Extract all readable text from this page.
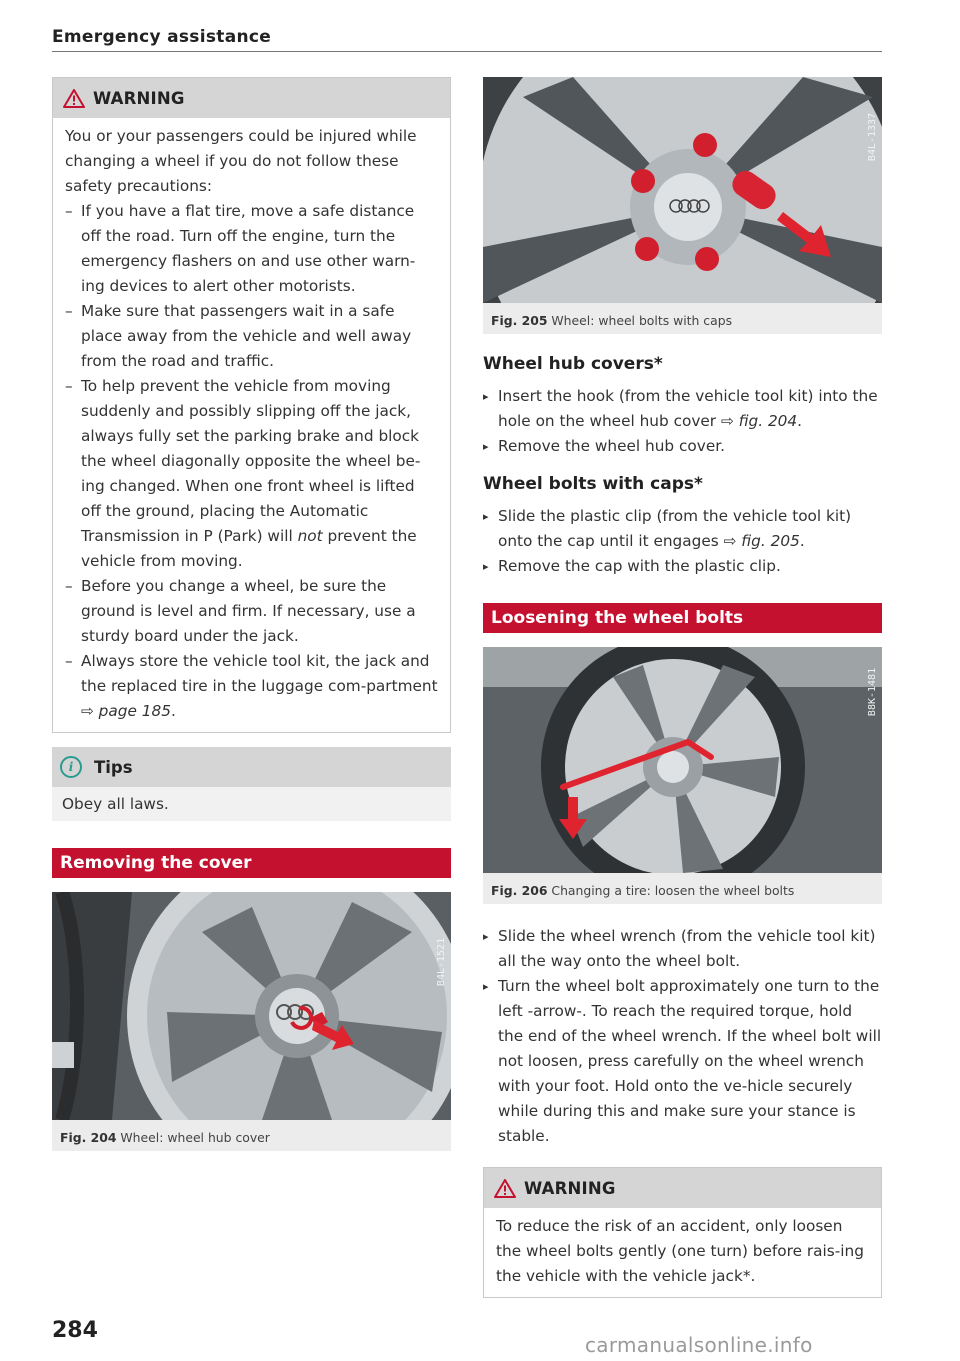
Emergency assistance
WARNING

You or your passengers could be injured while changing a wheel if you do not follow these safety precautions:

– If you have a flat tire, move a safe distance off the road. Turn off the engine, turn the emergency flashers on and use other warn-ing devices to alert other motorists.
– Make sure that passengers wait in a safe place away from the vehicle and well away from the road and traffic.
– To help prevent the vehicle from moving suddenly and possibly slipping off the jack, always fully set the parking brake and block the wheel diagonally opposite the wheel be-ing changed. When one front wheel is lifted off the ground, placing the Automatic Transmission in P (Park) will not prevent the vehicle from moving.
– Before you change a wheel, be sure the ground is level and firm. If necessary, use a sturdy board under the jack.
– Always store the vehicle tool kit, the jack and the replaced tire in the luggage com-partment ⇨ page 185.
i	Tips
Obey all laws.
Removing the cover
B4L-1521
Fig. 204 Wheel: wheel hub cover
B4L-1337
Fig. 205 Wheel: wheel bolts with caps
Wheel hub covers*
▸ Insert the hook (from the vehicle tool kit) into the hole on the wheel hub cover ⇨ fig. 204.
▸ Remove the wheel hub cover.
Wheel bolts with caps*
▸ Slide the plastic clip (from the vehicle tool kit) onto the cap until it engages ⇨ fig. 205.
▸ Remove the cap with the plastic clip.
Loosening the wheel bolts
B8K-1481
Fig. 206 Changing a tire: loosen the wheel bolts
▸ Slide the wheel wrench (from the vehicle tool kit) all the way onto the wheel bolt.
▸ Turn the wheel bolt approximately one turn to the left -arrow-. To reach the required torque, hold the end of the wheel wrench. If the wheel bolt will not loosen, press carefully on the wheel wrench with your foot. Hold onto the ve-hicle securely while during this and make sure your stance is stable.
WARNING

To reduce the risk of an accident, only loosen the wheel bolts gently (one turn) before rais-ing the vehicle with the vehicle jack*.

284
carmanualsonline.info
